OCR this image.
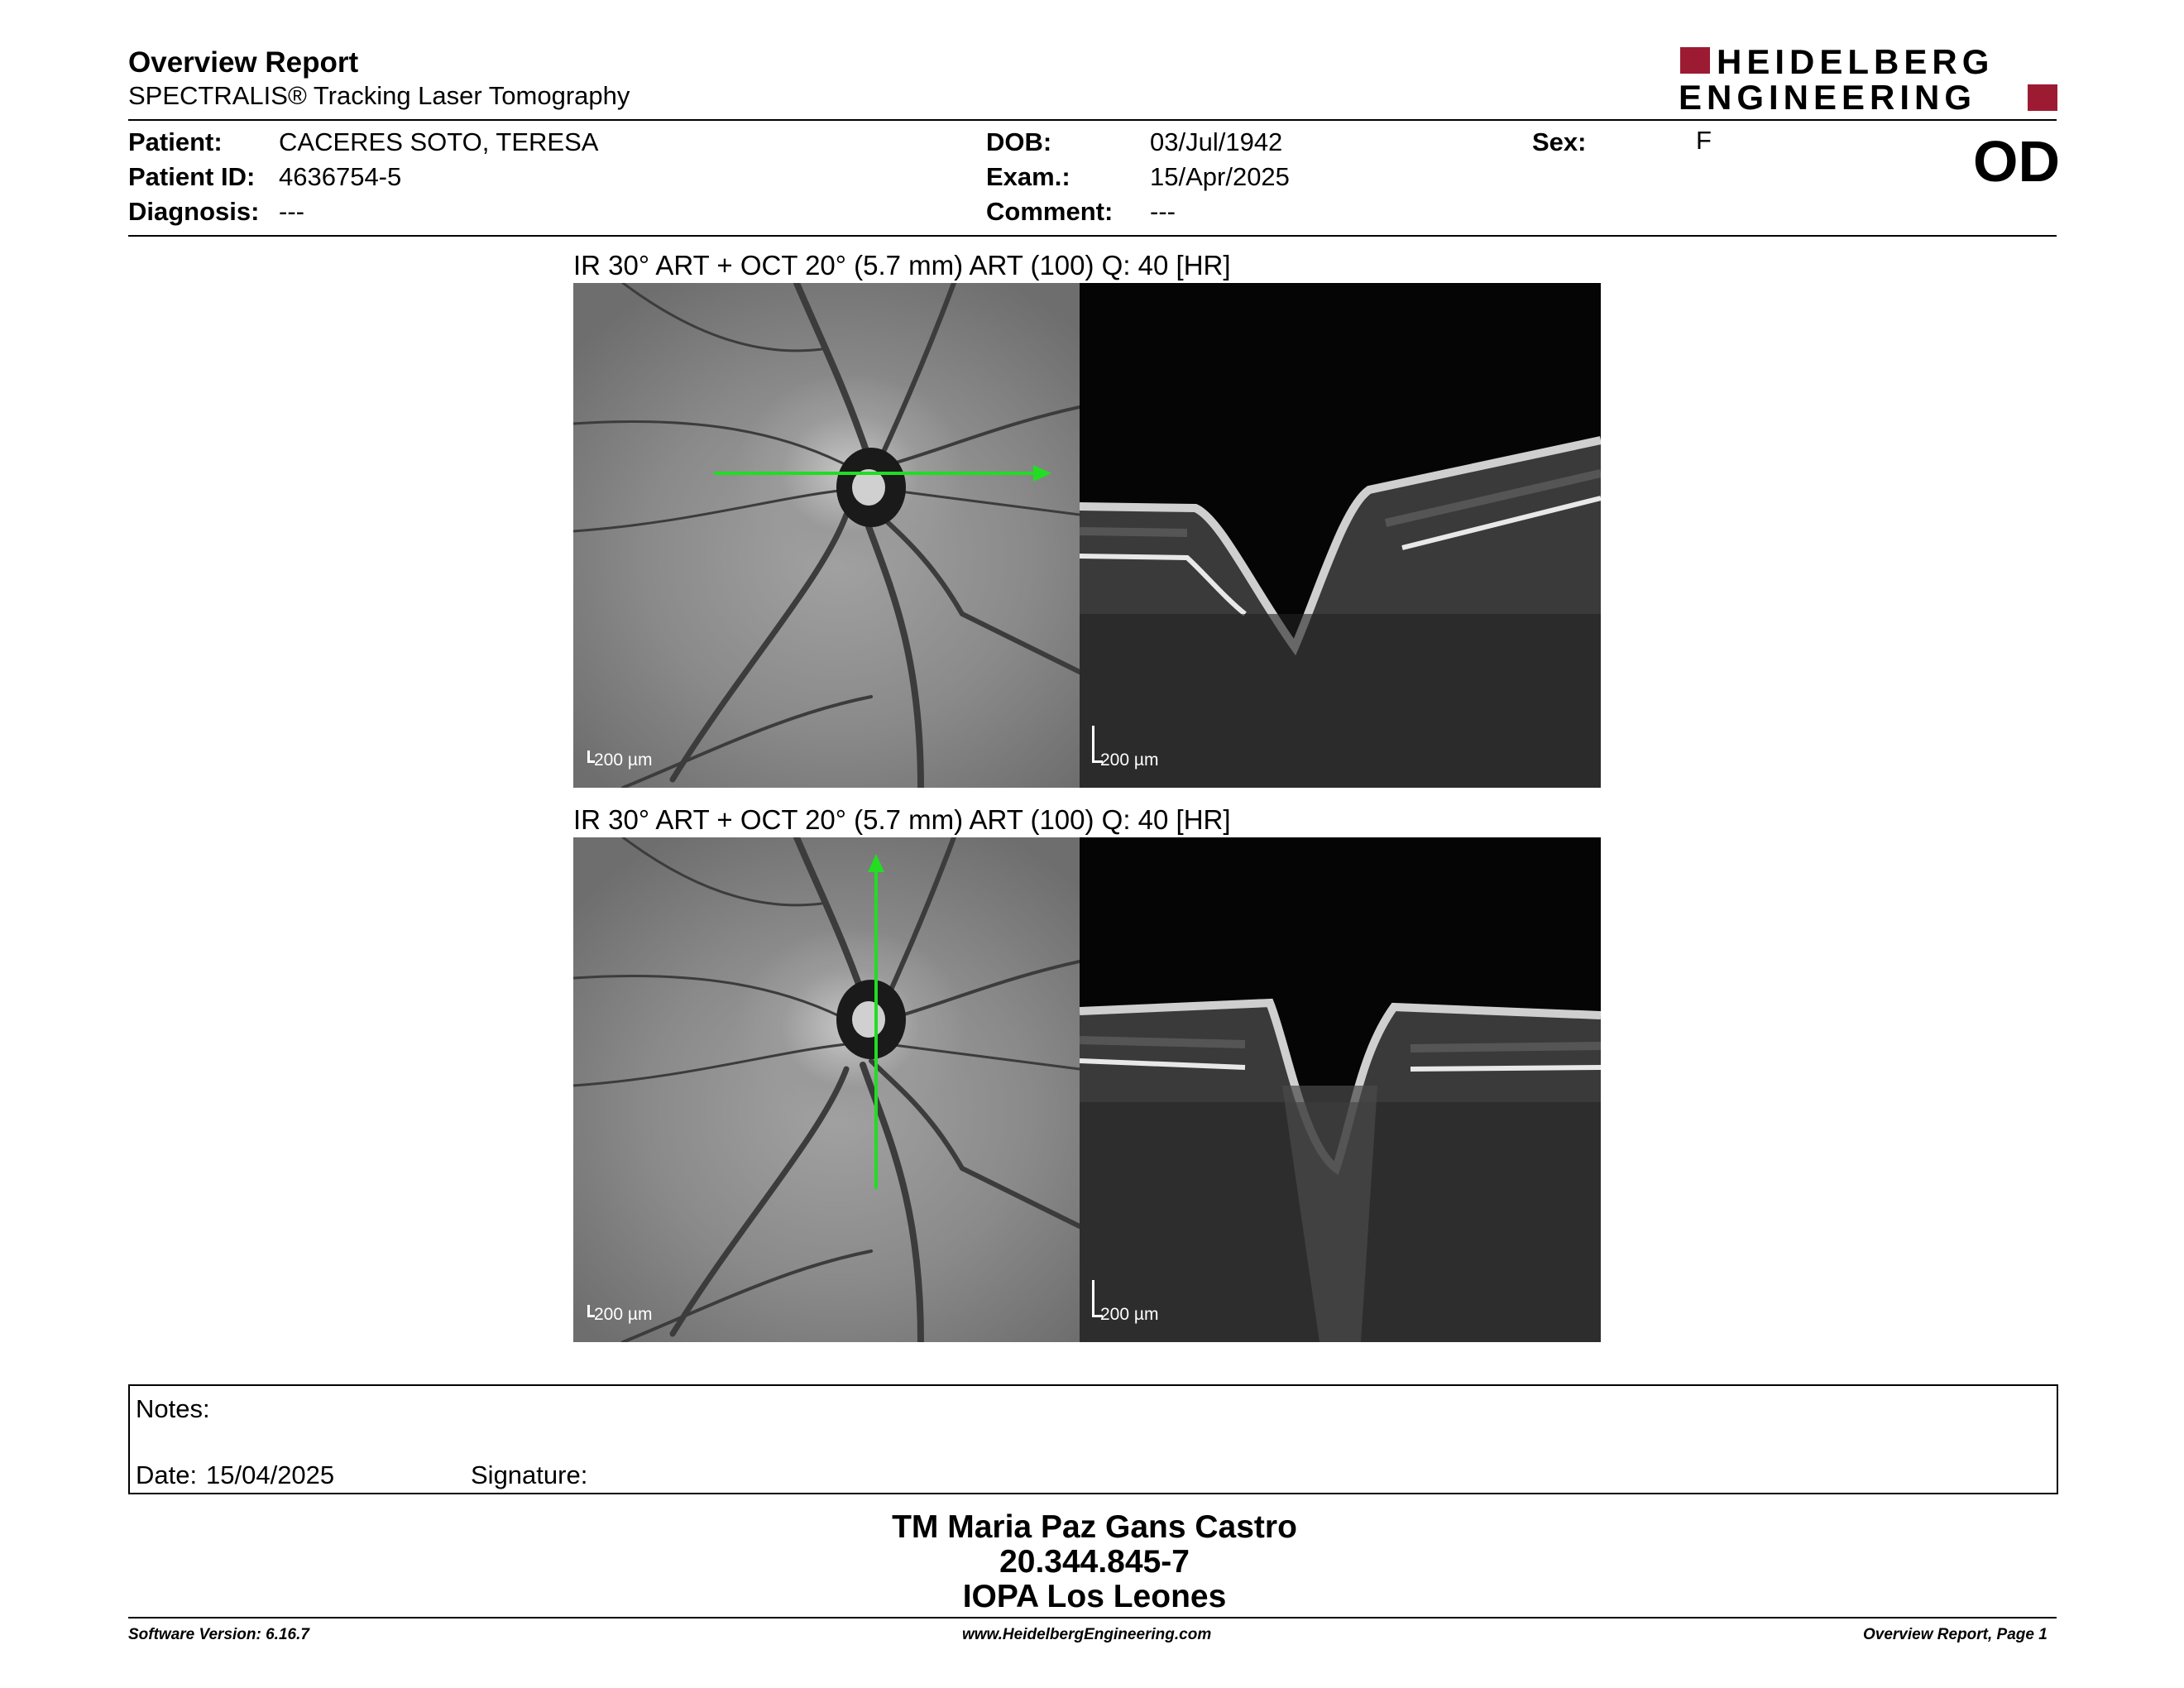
Overview Report
SPECTRALIS® Tracking Laser Tomography
HEIDELBERG
ENGINEERING
Patient: CACERES SOTO, TERESA
Patient ID: 4636754-5
Diagnosis: ---
DOB:	03/Jul/1942
Exam.:	15/Apr/2025
Comment: ---
Sex:	F	OD
IR 30° ART + OCT 20° (5.7 mm) ART (100) Q: 40 [HR]
200 µm	200 µm
IR 30° ART + OCT 20° (5.7 mm) ART (100) Q: 40 [HR]
200 µm	200 µm
Notes:
Date: 15/04/2025	Signature:
TM Maria Paz Gans Castro
20.344.845-7
IOPA Los Leones
Software Version: 6.16.7	www.HeidelbergEngineering.com	Overview Report, Page 1
